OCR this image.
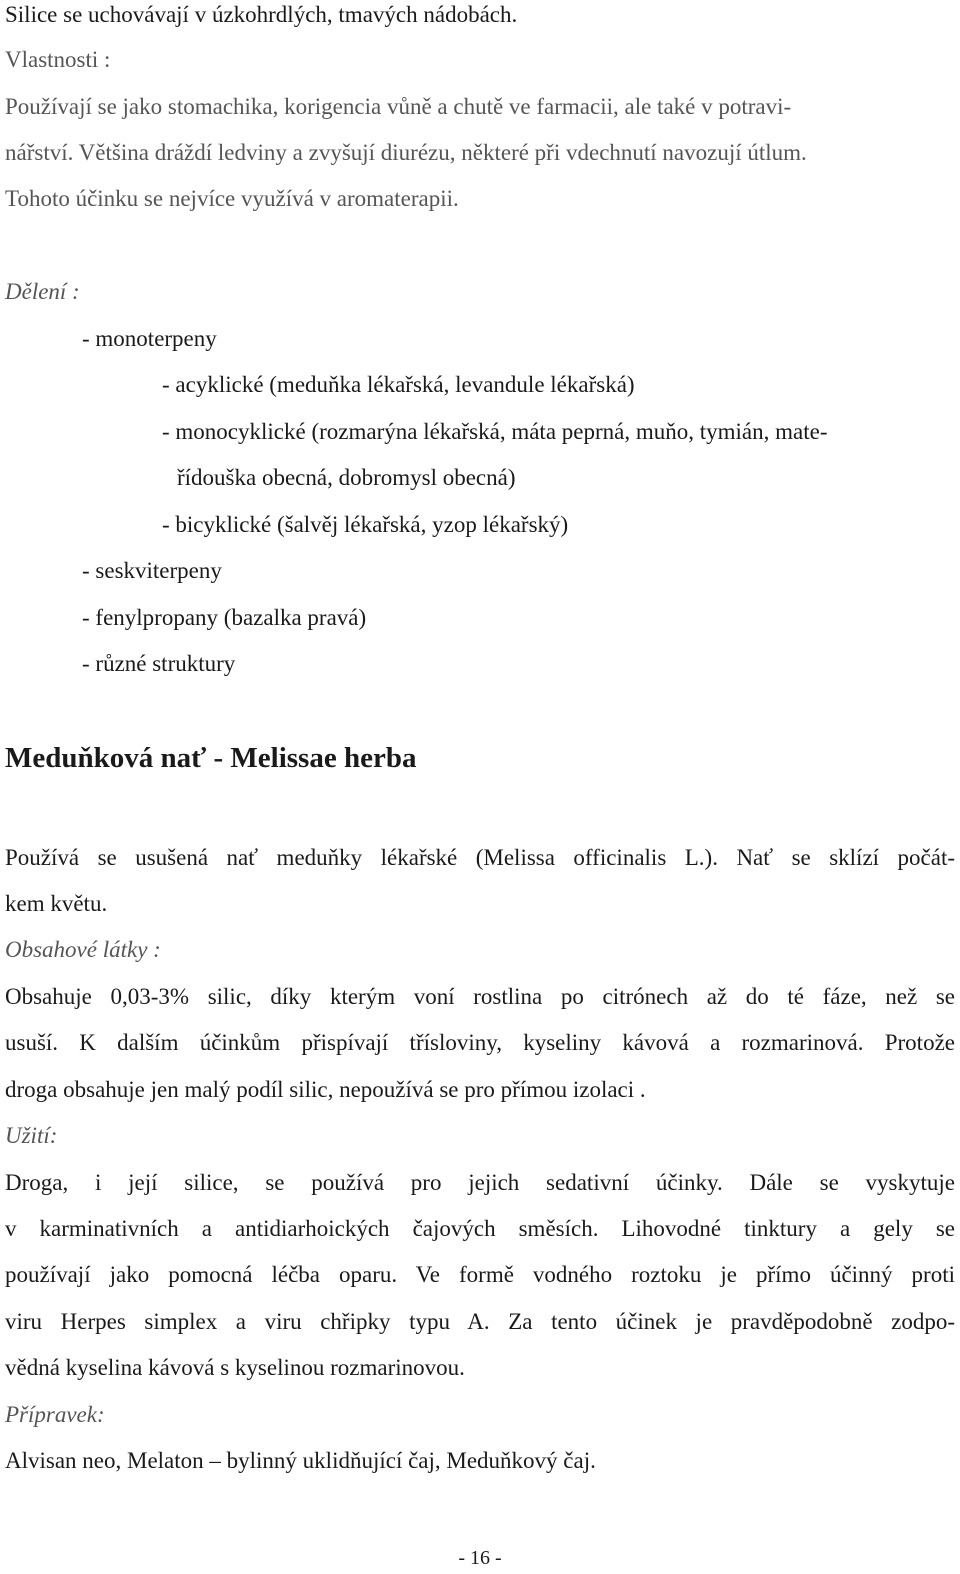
Silice se uchovávají v úzkohrdlých, tmavých nádobách.
Vlastnosti :
Používají se jako stomachika, korigencia vůně a chutě ve farmacii, ale také v potravi-
nářství. Většina dráždí ledviny a zvyšují diurézu, některé při vdechnutí navozují útlum.
Tohoto účinku se nejvíce využívá v aromaterapii.
Dělení :
- monoterpeny
- acyklické (meduňka lékařská, levandule lékařská)
- monocyklické (rozmarýna lékařská, máta peprná, muňo, tymián, mate-
řídouška obecná, dobromysl obecná)
- bicyklické (šalvěj lékařská, yzop lékařský)
- seskviterpeny
- fenylpropany (bazalka pravá)
- různé struktury
Meduňková nať - Melissae herba
Používá se usušená nať meduňky lékařské (Melissa officinalis L.). Nať se sklízí počát-
kem květu.
Obsahové látky :
Obsahuje 0,03-3% silic, díky kterým voní rostlina po citrónech až do té fáze, než se
usuší. K dalším účinkům přispívají třísloviny, kyseliny kávová a rozmarinová. Protože
droga obsahuje jen malý podíl silic, nepoužívá se pro přímou izolaci .
Užití:
Droga, i její silice, se používá pro jejich sedativní účinky. Dále se vyskytuje
v karminativních a antidiarhoických čajových směsích. Lihovodné tinktury a gely se
používají jako pomocná léčba oparu. Ve formě vodného roztoku je přímo účinný proti
viru Herpes simplex a viru chřipky typu A. Za tento účinek je pravděpodobně zodpo-
vědná kyselina kávová s kyselinou rozmarinovou.
Přípravek:
Alvisan neo, Melaton – bylinný uklidňující čaj, Meduňkový čaj.
- 16 -
